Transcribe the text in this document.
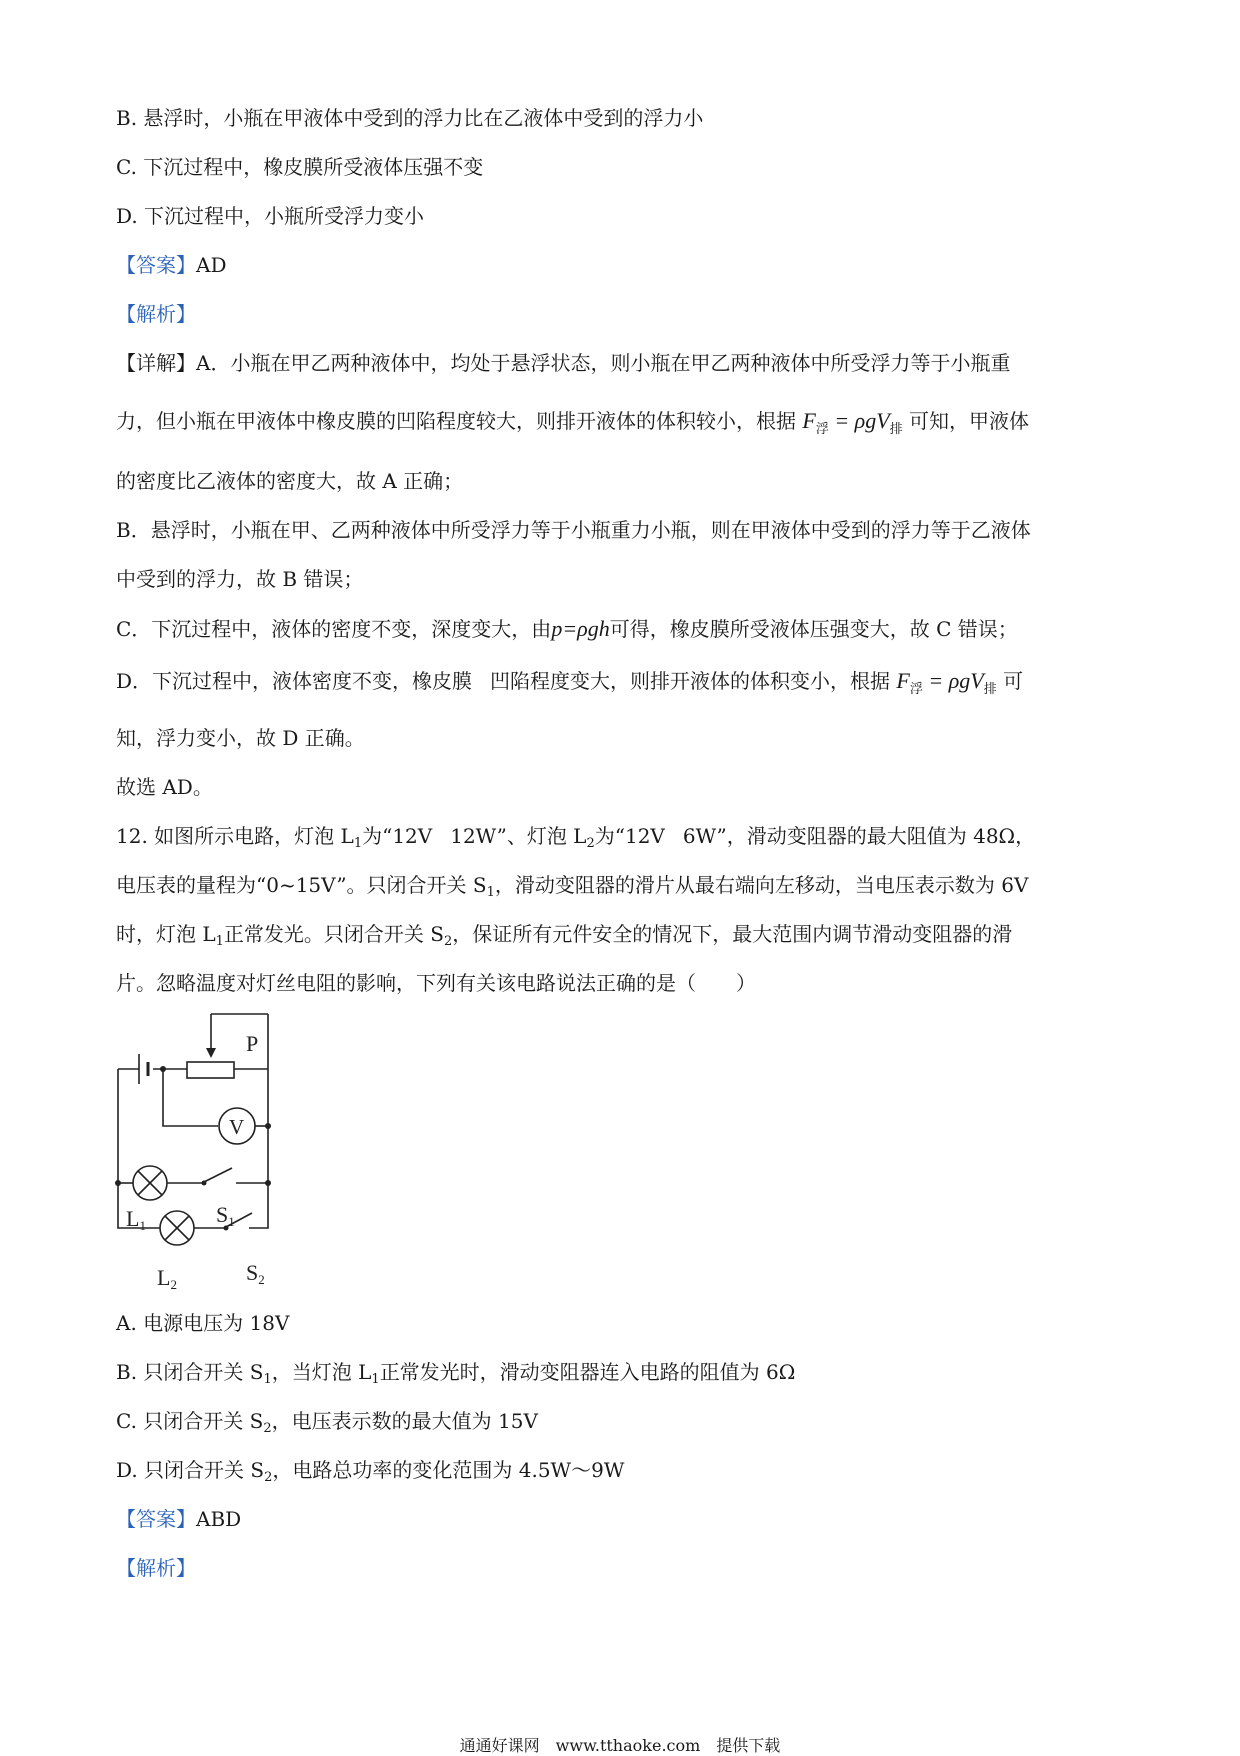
B. 悬浮时，小瓶在甲液体中受到的浮力比在乙液体中受到的浮力小
C. 下沉过程中，橡皮膜所受液体压强不变
D. 下沉过程中，小瓶所受浮力变小
【答案】AD
【解析】
【详解】A．小瓶在甲乙两种液体中，均处于悬浮状态，则小瓶在甲乙两种液体中所受浮力等于小瓶重
力，但小瓶在甲液体中橡皮膜的凹陷程度较大，则排开液体的体积较小，根据 $F_浮 = \rho gV_排$ 可知，甲液体
的密度比乙液体的密度大，故 A 正确；
B．悬浮时，小瓶在甲、乙两种液体中所受浮力等于小瓶重力小瓶，则在甲液体中受到的浮力等于乙液体
中受到的浮力，故 B 错误；
C．下沉过程中，液体的密度不变，深度变大，由p=ρgh可得，橡皮膜所受液体压强变大，故 C 错误；
D．下沉过程中，液体密度不变，橡皮膜 凹陷程度变大，则排开液体的体积变小，根据 $F_浮 = \rho gV_排$ 可
知，浮力变小，故 D 正确。
故选 AD。
12. 如图所示电路，灯泡 $L_1$为“12V 12W”、灯泡 $L_2$为“12V 6W”，滑动变阻器的最大阻值为 48Ω，
电压表的量程为“0~15V”。只闭合开关 $S_1$，滑动变阻器的滑片从最右端向左移动，当电压表示数为 6V
时，灯泡 $L_1$正常发光。只闭合开关 $S_2$，保证所有元件安全的情况下，最大范围内调节滑动变阻器的滑
片。忽略温度对灯丝电阻的影响，下列有关该电路说法正确的是（　　）
P
V
L1	S1
L2	S2
A. 电源电压为 18V
B. 只闭合开关 $S_1$，当灯泡 $L_1$正常发光时，滑动变阻器连入电路的阻值为 6Ω
C. 只闭合开关 $S_2$，电压表示数的最大值为 15V
D. 只闭合开关 $S_2$，电路总功率的变化范围为 4.5W～9W
【答案】ABD
【解析】
通通好课网　www.tthaoke.com　提供下载
